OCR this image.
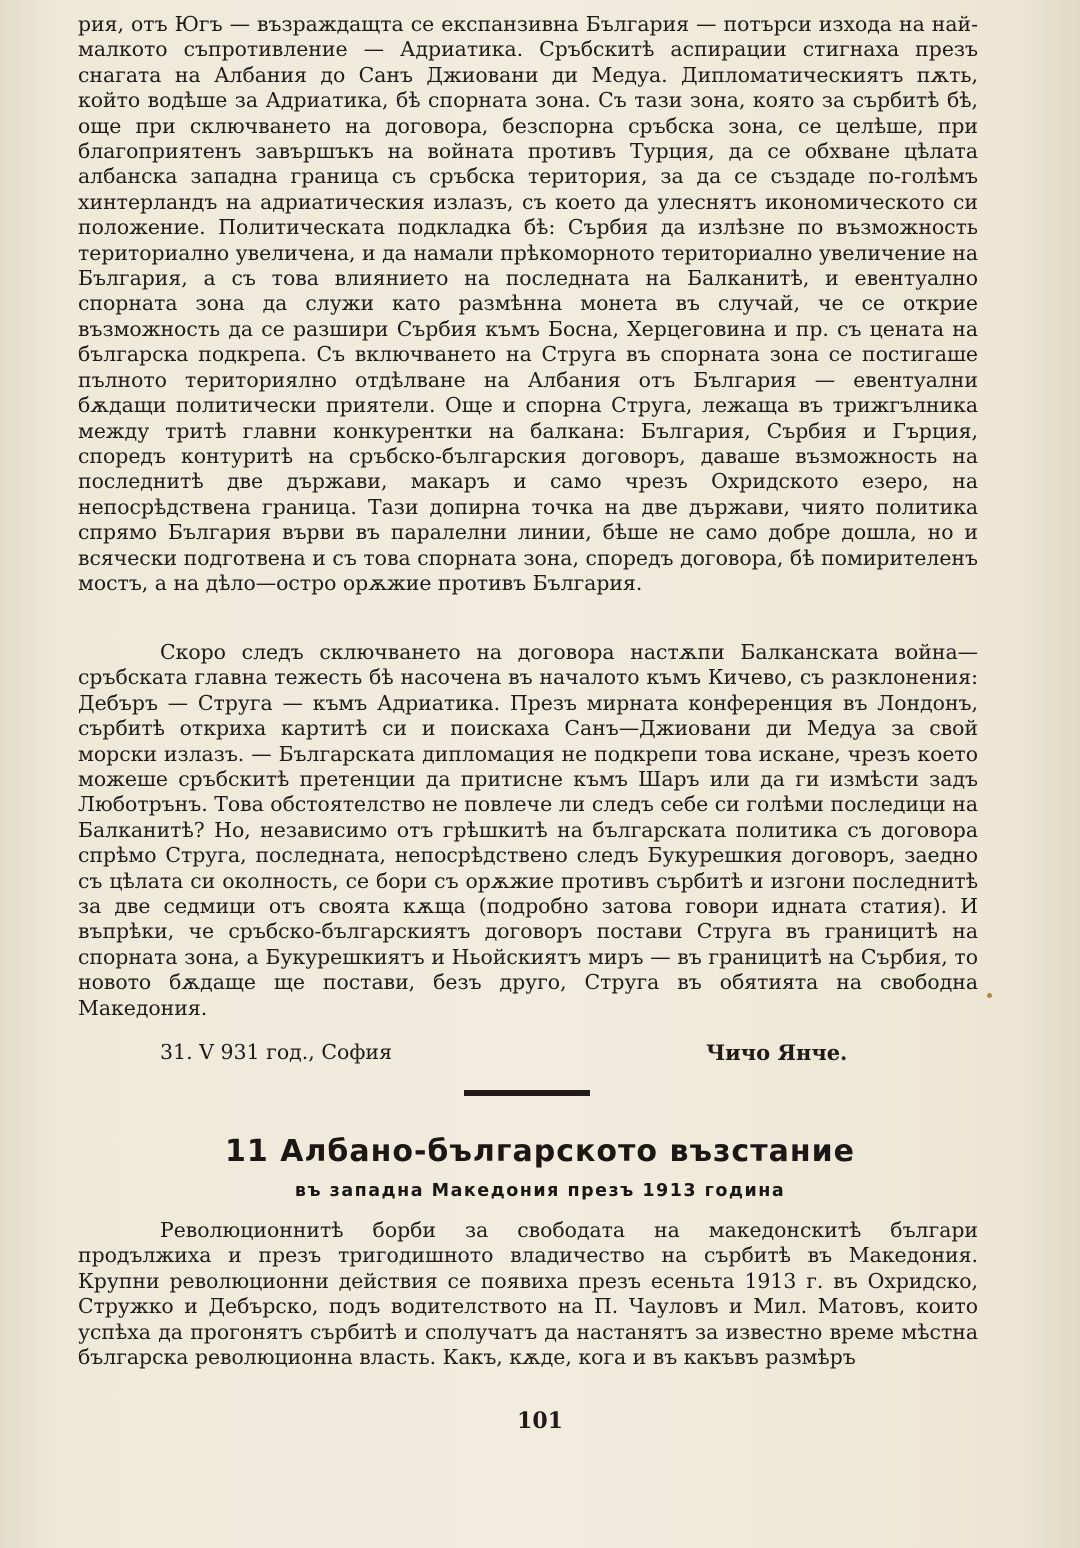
рия, отъ Югъ — възраждащта се експанзивна България — потърси изхода на най-малкото съпротивление — Адриатика. Сръбскитѣ аспирации стигнаха презъ снагата на Албания до Санъ Джиовани ди Медуа. Дипломатическиятъ пѫть, който водѣше за Адриатика, бѣ спорната зона. Съ тази зона, която за сърбитѣ бѣ, още при сключването на договора, безспорна сръбска зона, се целѣше, при благоприятенъ завършъкъ на войната противъ Турция, да се обхване цѣлата албанска западна граница съ сръбска територия, за да се създаде по-голѣмъ хинтерландъ на адриатическия излазъ, съ което да улеснятъ икономическото си положение. Политическата подкладка бѣ: Сърбия да излѣзне по възможность териториално увеличена, и да намали прѣкоморното териториално увеличение на България, а съ това влиянието на последната на Балканитѣ, и евентуално спорната зона да служи като размѣнна монета въ случай, че се открие възможность да се разшири Сърбия къмъ Босна, Херцеговина и пр. съ цената на българска подкрепа. Съ включването на Струга въ спорната зона се постигаше пълното териториялно отдѣлване на Албания отъ България — евентуални бѫдащи политически приятели. Още и спорна Струга, лежаща въ трижгълника между тритѣ главни конкурентки на балкана: България, Сърбия и Гърция, споредъ контуритѣ на сръбско-българския договоръ, даваше възможность на последнитѣ две държави, макаръ и само чрезъ Охридското езеро, на непосрѣдствена граница. Тази допирна точка на две държави, чиято политика спрямо България върви въ паралелни линии, бѣше не само добре дошла, но и всячески подготвена и съ това спорната зона, споредъ договора, бѣ помирителенъ мостъ, а на дѣло—остро орѫжие противъ България.

Скоро следъ сключването на договора настѫпи Балканската война—сръбската главна тежесть бѣ насочена въ началото къмъ Кичево, съ разклонения: Дебъръ — Струга — къмъ Адриатика. Презъ мирната конференция въ Лондонъ, сърбитѣ откриха картитѣ си и поискаха Санъ—Джиовани ди Медуа за свой морски излазъ. — Българската дипломация не подкрепи това искане, чрезъ което можеше сръбскитѣ претенции да притисне къмъ Шаръ или да ги измѣсти задъ Люботрънъ. Това обстоятелство не повлече ли следъ себе си голѣми последици на Балканитѣ? Но, независимо отъ грѣшкитѣ на българската политика съ договора спрѣмо Струга, последната, непосрѣдствено следъ Букурешкия договоръ, заедно съ цѣлата си околность, се бори съ орѫжие противъ сърбитѣ и изгони последнитѣ за две седмици отъ своята кѫща (подробно затова говори идната статия). И въпрѣки, че сръбско-българскиятъ договоръ постави Струга въ границитѣ на спорната зона, а Букурешкиятъ и Ньойскиятъ миръ — въ границитѣ на Сърбия, то новото бѫдаще ще постави, безъ друго, Струга въ обятията на свободна Македония.

31. V 931 год., София	Чичо Янче.
11 Албано-българското възстание
въ западна Македония презъ 1913 година

Революционнитѣ борби за свободата на македонскитѣ българи продължиха и презъ тригодишното владичество на сърбитѣ въ Македония. Крупни революционни действия се появиха презъ есеньта 1913 г. въ Охридско, Стружко и Дебърско, подъ водителството на П. Чауловъ и Мил. Матовъ, които успѣха да прогонятъ сърбитѣ и сполучатъ да настанятъ за известно време мѣстна българска революционна власть. Какъ, кѫде, кога и въ какъвъ размѣръ

101
